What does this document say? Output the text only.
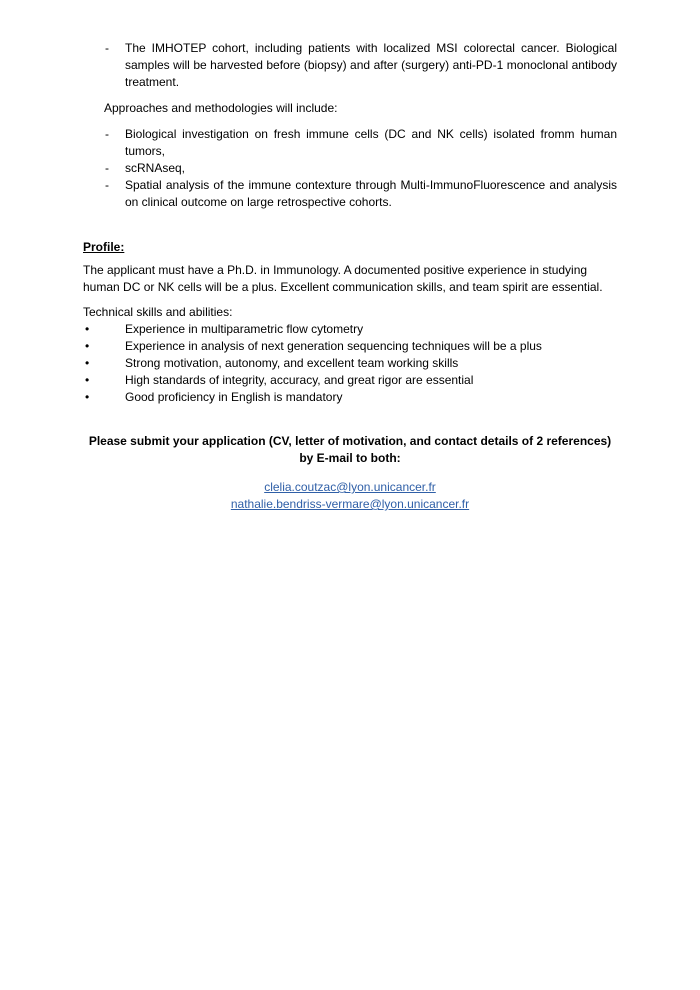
- The IMHOTEP cohort, including patients with localized MSI colorectal cancer. Biological samples will be harvested before (biopsy) and after (surgery) anti-PD-1 monoclonal antibody treatment.

Approaches and methodologies will include:

- Biological investigation on fresh immune cells (DC and NK cells) isolated fromm human tumors,
- scRNAseq,
- Spatial analysis of the immune contexture through Multi-ImmunoFluorescence and analysis on clinical outcome on large retrospective cohorts.
Profile:

The applicant must have a Ph.D. in Immunology. A documented positive experience in studying human DC or NK cells will be a plus. Excellent communication skills, and team spirit are essential.

Technical skills and abilities:

•	Experience in multiparametric flow cytometry
•	Experience in analysis of next generation sequencing techniques will be a plus
•	Strong motivation, autonomy, and excellent team working skills
•	High standards of integrity, accuracy, and great rigor are essential
•	Good proficiency in English is mandatory

Please submit your application (CV, letter of motivation, and contact details of 2 references) by E-mail to both:

clelia.coutzac@lyon.unicancer.fr
nathalie.bendriss-vermare@lyon.unicancer.fr
